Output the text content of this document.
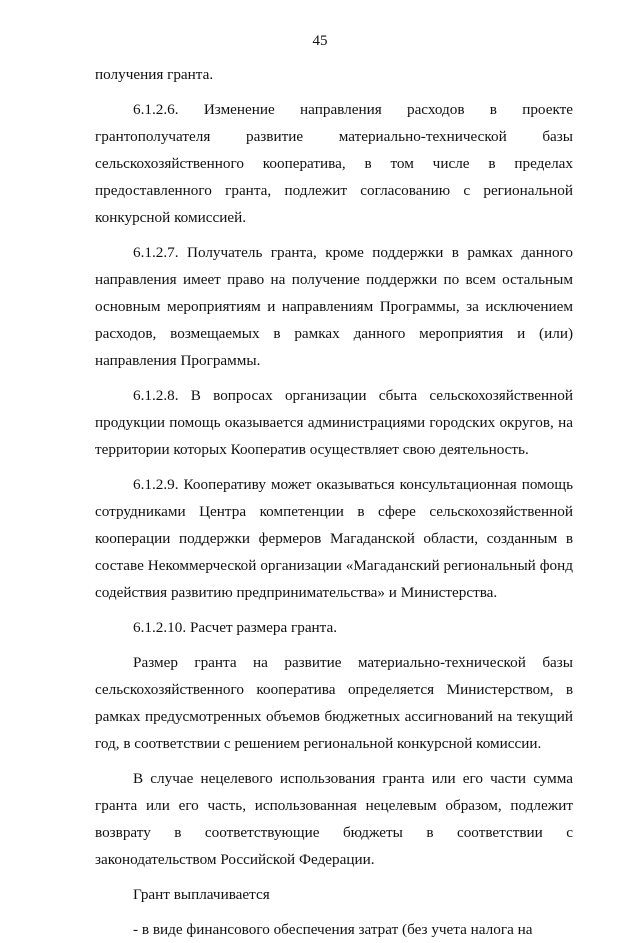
45

получения гранта.

6.1.2.6. Изменение направления расходов в проекте грантополучателя развитие материально-технической базы сельскохозяйственного кооператива, в том числе в пределах предоставленного гранта, подлежит согласованию с региональной конкурсной комиссией.

6.1.2.7. Получатель гранта, кроме поддержки в рамках данного направления имеет право на получение поддержки по всем остальным основным мероприятиям и направлениям Программы, за исключением расходов, возмещаемых в рамках данного мероприятия и (или) направления Программы.

6.1.2.8. В вопросах организации сбыта сельскохозяйственной продукции помощь оказывается администрациями городских округов, на территории которых Кооператив осуществляет свою деятельность.

6.1.2.9. Кооперативу может оказываться консультационная помощь сотрудниками Центра компетенции в сфере сельскохозяйственной кооперации поддержки фермеров Магаданской области, созданным в составе Некоммерческой организации «Магаданский региональный фонд содействия развитию предпринимательства» и Министерства.

6.1.2.10. Расчет размера гранта.

Размер гранта на развитие материально-технической базы сельскохозяйственного кооператива определяется Министерством, в рамках предусмотренных объемов бюджетных ассигнований на текущий год, в соответствии с решением региональной конкурсной комиссии.

В случае нецелевого использования гранта или его части сумма гранта или его часть, использованная нецелевым образом, подлежит возврату в соответствующие бюджеты в соответствии с законодательством Российской Федерации.

Грант выплачивается

- в виде финансового обеспечения затрат (без учета налога на
